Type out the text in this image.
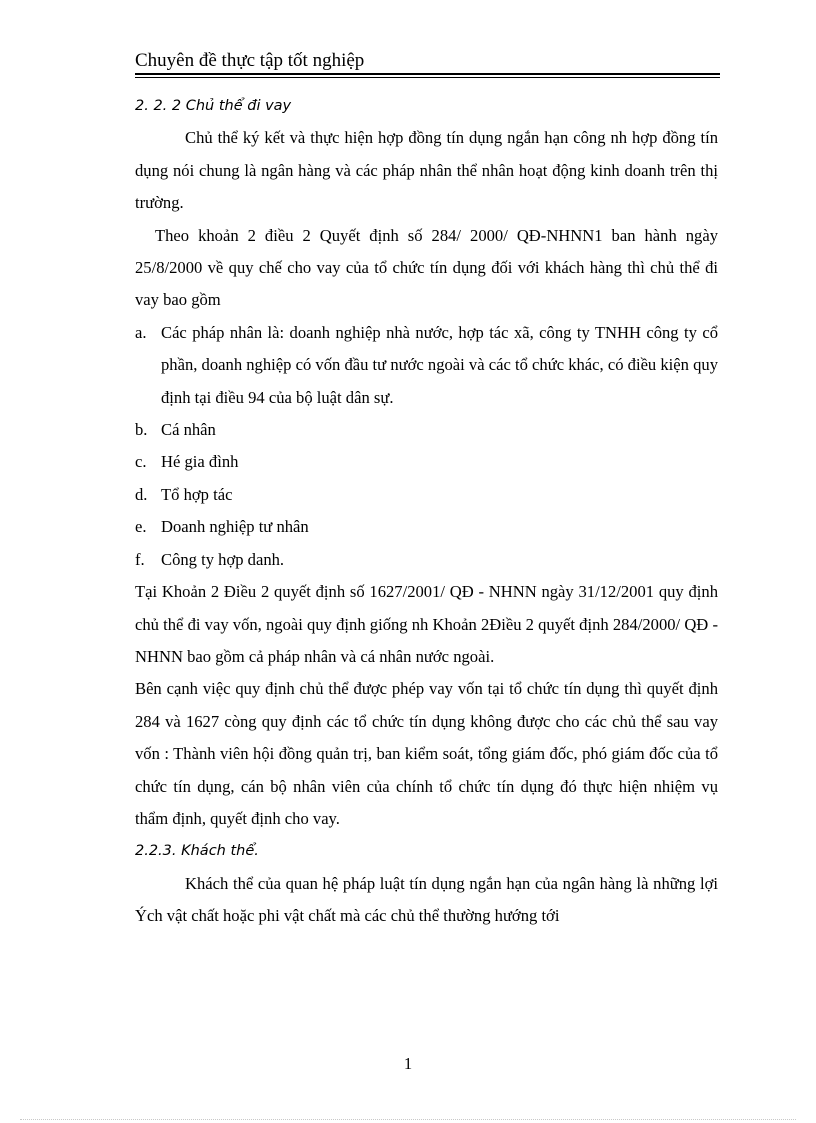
Chuyên đề thực tập tốt nghiệp

2. 2. 2 Chủ thể đi vay

Chủ thể ký kết và thực hiện hợp đồng tín dụng ngắn hạn công nh hợp đồng tín dụng nói chung là ngân hàng và các pháp nhân thể nhân hoạt động kinh doanh trên thị trường.

Theo khoản 2 điều 2 Quyết định số 284/ 2000/ QĐ-NHNN1 ban hành ngày 25/8/2000 về quy chế cho vay của tổ chức tín dụng đối với khách hàng thì chủ thể đi vay bao gồm

a. Các pháp nhân là: doanh nghiệp nhà nước, hợp tác xã, công ty TNHH công ty cổ phần, doanh nghiệp có vốn đầu tư nước ngoài và các tổ chức khác, có điều kiện quy định tại điều 94 của bộ luật dân sự.
b. Cá nhân
c. Hé gia đình
d. Tổ hợp tác
e. Doanh nghiệp tư nhân
f. Công ty hợp danh.

Tại Khoản 2 Điều 2 quyết định số 1627/2001/ QĐ - NHNN ngày 31/12/2001 quy định chủ thể đi vay vốn, ngoài quy định giống nh Khoản 2Điều 2 quyết định 284/2000/ QĐ - NHNN bao gồm cả pháp nhân và cá nhân nước ngoài.

Bên cạnh việc quy định chủ thể được phép vay vốn tại tổ chức tín dụng thì quyết định 284 và 1627 còng quy định các tổ chức tín dụng không được cho các chủ thể sau vay vốn : Thành viên hội đồng quản trị, ban kiểm soát, tổng giám đốc, phó giám đốc của tổ chức tín dụng, cán bộ nhân viên của chính tổ chức tín dụng đó thực hiện nhiệm vụ thẩm định, quyết định cho vay.

2.2.3. Khách thể.

Khách thể của quan hệ pháp luật tín dụng ngắn hạn của ngân hàng là những lợi Ých vật chất hoặc phi vật chất mà các chủ thể thường hướng tới

1
